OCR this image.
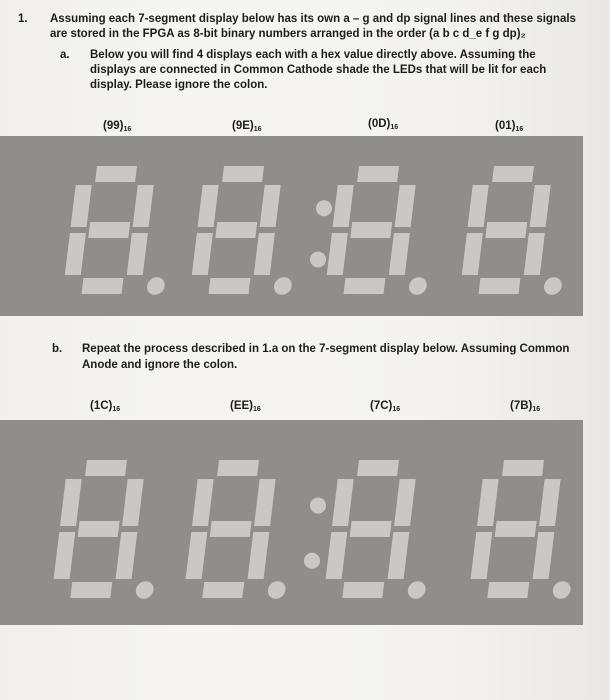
1. Assuming each 7-segment display below has its own a – g and dp signal lines and these signals are stored in the FPGA as 8-bit binary numbers arranged in the order (a b c d_e f g dp)₂
a. Below you will find 4 displays each with a hex value directly above. Assuming the displays are connected in Common Cathode shade the LEDs that will be lit for each display. Please ignore the colon.
$(99)_{16}$	$(9E)_{16}$	$(0D)_{16}$	$(01)_{16}$
b. Repeat the process described in 1.a on the 7-segment display below. Assuming Common Anode and ignore the colon.
$(1C)_{16}$	$(EE)_{16}$	$(7C)_{16}$	$(7B)_{16}$
